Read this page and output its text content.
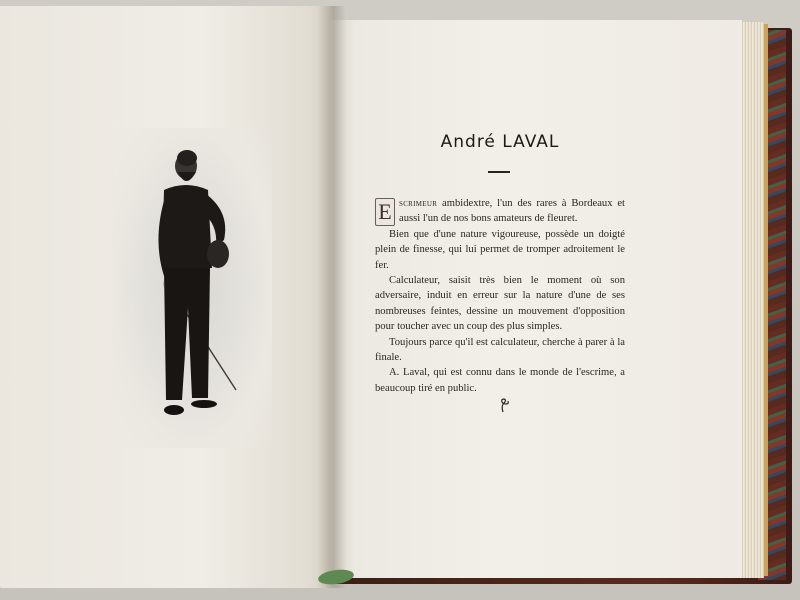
André LAVAL

E scrimeur ambidextre, l'un des rares à Bordeaux et aussi l'un de nos bons amateurs de fleuret.

Bien que d'une nature vigoureuse, possède un doigté plein de finesse, qui lui permet de tromper adroitement le fer.

Calculateur, saisit très bien le moment où son adversaire, induit en erreur sur la nature d'une de ses nombreuses feintes, dessine un mouvement d'opposition pour toucher avec un coup des plus simples.

Toujours parce qu'il est calculateur, cherche à parer à la finale.

A. Laval, qui est connu dans le monde de l'escrime, a beaucoup tiré en public.
